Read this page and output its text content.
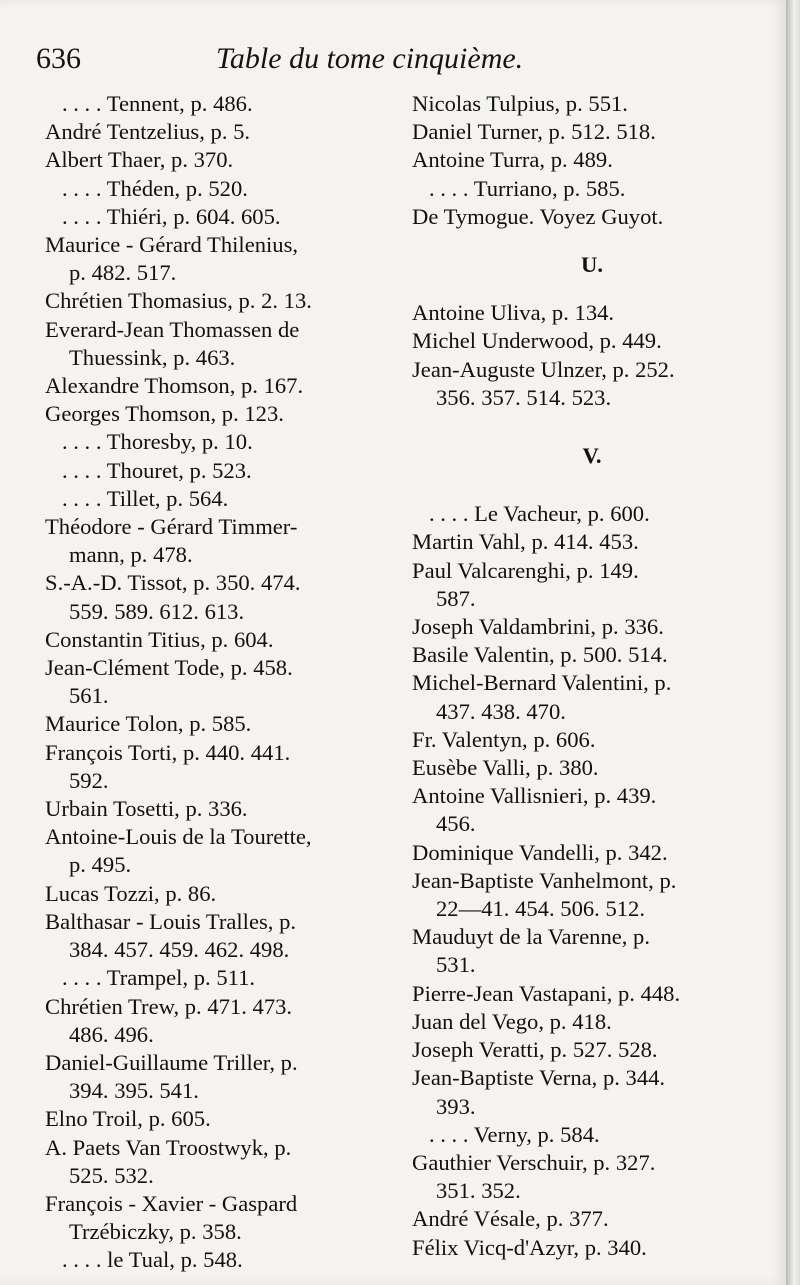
636	Table du tome cinquième.
. . . . Tennent, p. 486.
André Tentzelius, p. 5.
Albert Thaer, p. 370.
. . . . Théden, p. 520.
. . . . Thiéri, p. 604. 605.
Maurice - Gérard Thilenius,
p. 482. 517.
Chrétien Thomasius, p. 2. 13.
Everard-Jean Thomassen de
Thuessink, p. 463.
Alexandre Thomson, p. 167.
Georges Thomson, p. 123.
. . . . Thoresby, p. 10.
. . . . Thouret, p. 523.
. . . . Tillet, p. 564.
Théodore - Gérard Timmer-
mann, p. 478.
S.-A.-D. Tissot, p. 350. 474.
559. 589. 612. 613.
Constantin Titius, p. 604.
Jean-Clément Tode, p. 458.
561.
Maurice Tolon, p. 585.
François Torti, p. 440. 441.
592.
Urbain Tosetti, p. 336.
Antoine-Louis de la Tourette,
p. 495.
Lucas Tozzi, p. 86.
Balthasar - Louis Tralles, p.
384. 457. 459. 462. 498.
. . . . Trampel, p. 511.
Chrétien Trew, p. 471. 473.
486. 496.
Daniel-Guillaume Triller, p.
394. 395. 541.
Elno Troil, p. 605.
A. Paets Van Troostwyk, p.
525. 532.
François - Xavier - Gaspard
Trzébiczky, p. 358.
. . . . le Tual, p. 548.
Nicolas Tulpius, p. 551.
Daniel Turner, p. 512. 518.
Antoine Turra, p. 489.
. . . . Turriano, p. 585.
De Tymogue. Voyez Guyot.
U.
Antoine Uliva, p. 134.
Michel Underwood, p. 449.
Jean-Auguste Ulnzer, p. 252.
356. 357. 514. 523.
V.
. . . . Le Vacheur, p. 600.
Martin Vahl, p. 414. 453.
Paul Valcarenghi, p. 149.
587.
Joseph Valdambrini, p. 336.
Basile Valentin, p. 500. 514.
Michel-Bernard Valentini, p.
437. 438. 470.
Fr. Valentyn, p. 606.
Eusèbe Valli, p. 380.
Antoine Vallisnieri, p. 439.
456.
Dominique Vandelli, p. 342.
Jean-Baptiste Vanhelmont, p.
22—41. 454. 506. 512.
Mauduyt de la Varenne, p.
531.
Pierre-Jean Vastapani, p. 448.
Juan del Vego, p. 418.
Joseph Veratti, p. 527. 528.
Jean-Baptiste Verna, p. 344.
393.
. . . . Verny, p. 584.
Gauthier Verschuir, p. 327.
351. 352.
André Vésale, p. 377.
Félix Vicq-d'Azyr, p. 340.
